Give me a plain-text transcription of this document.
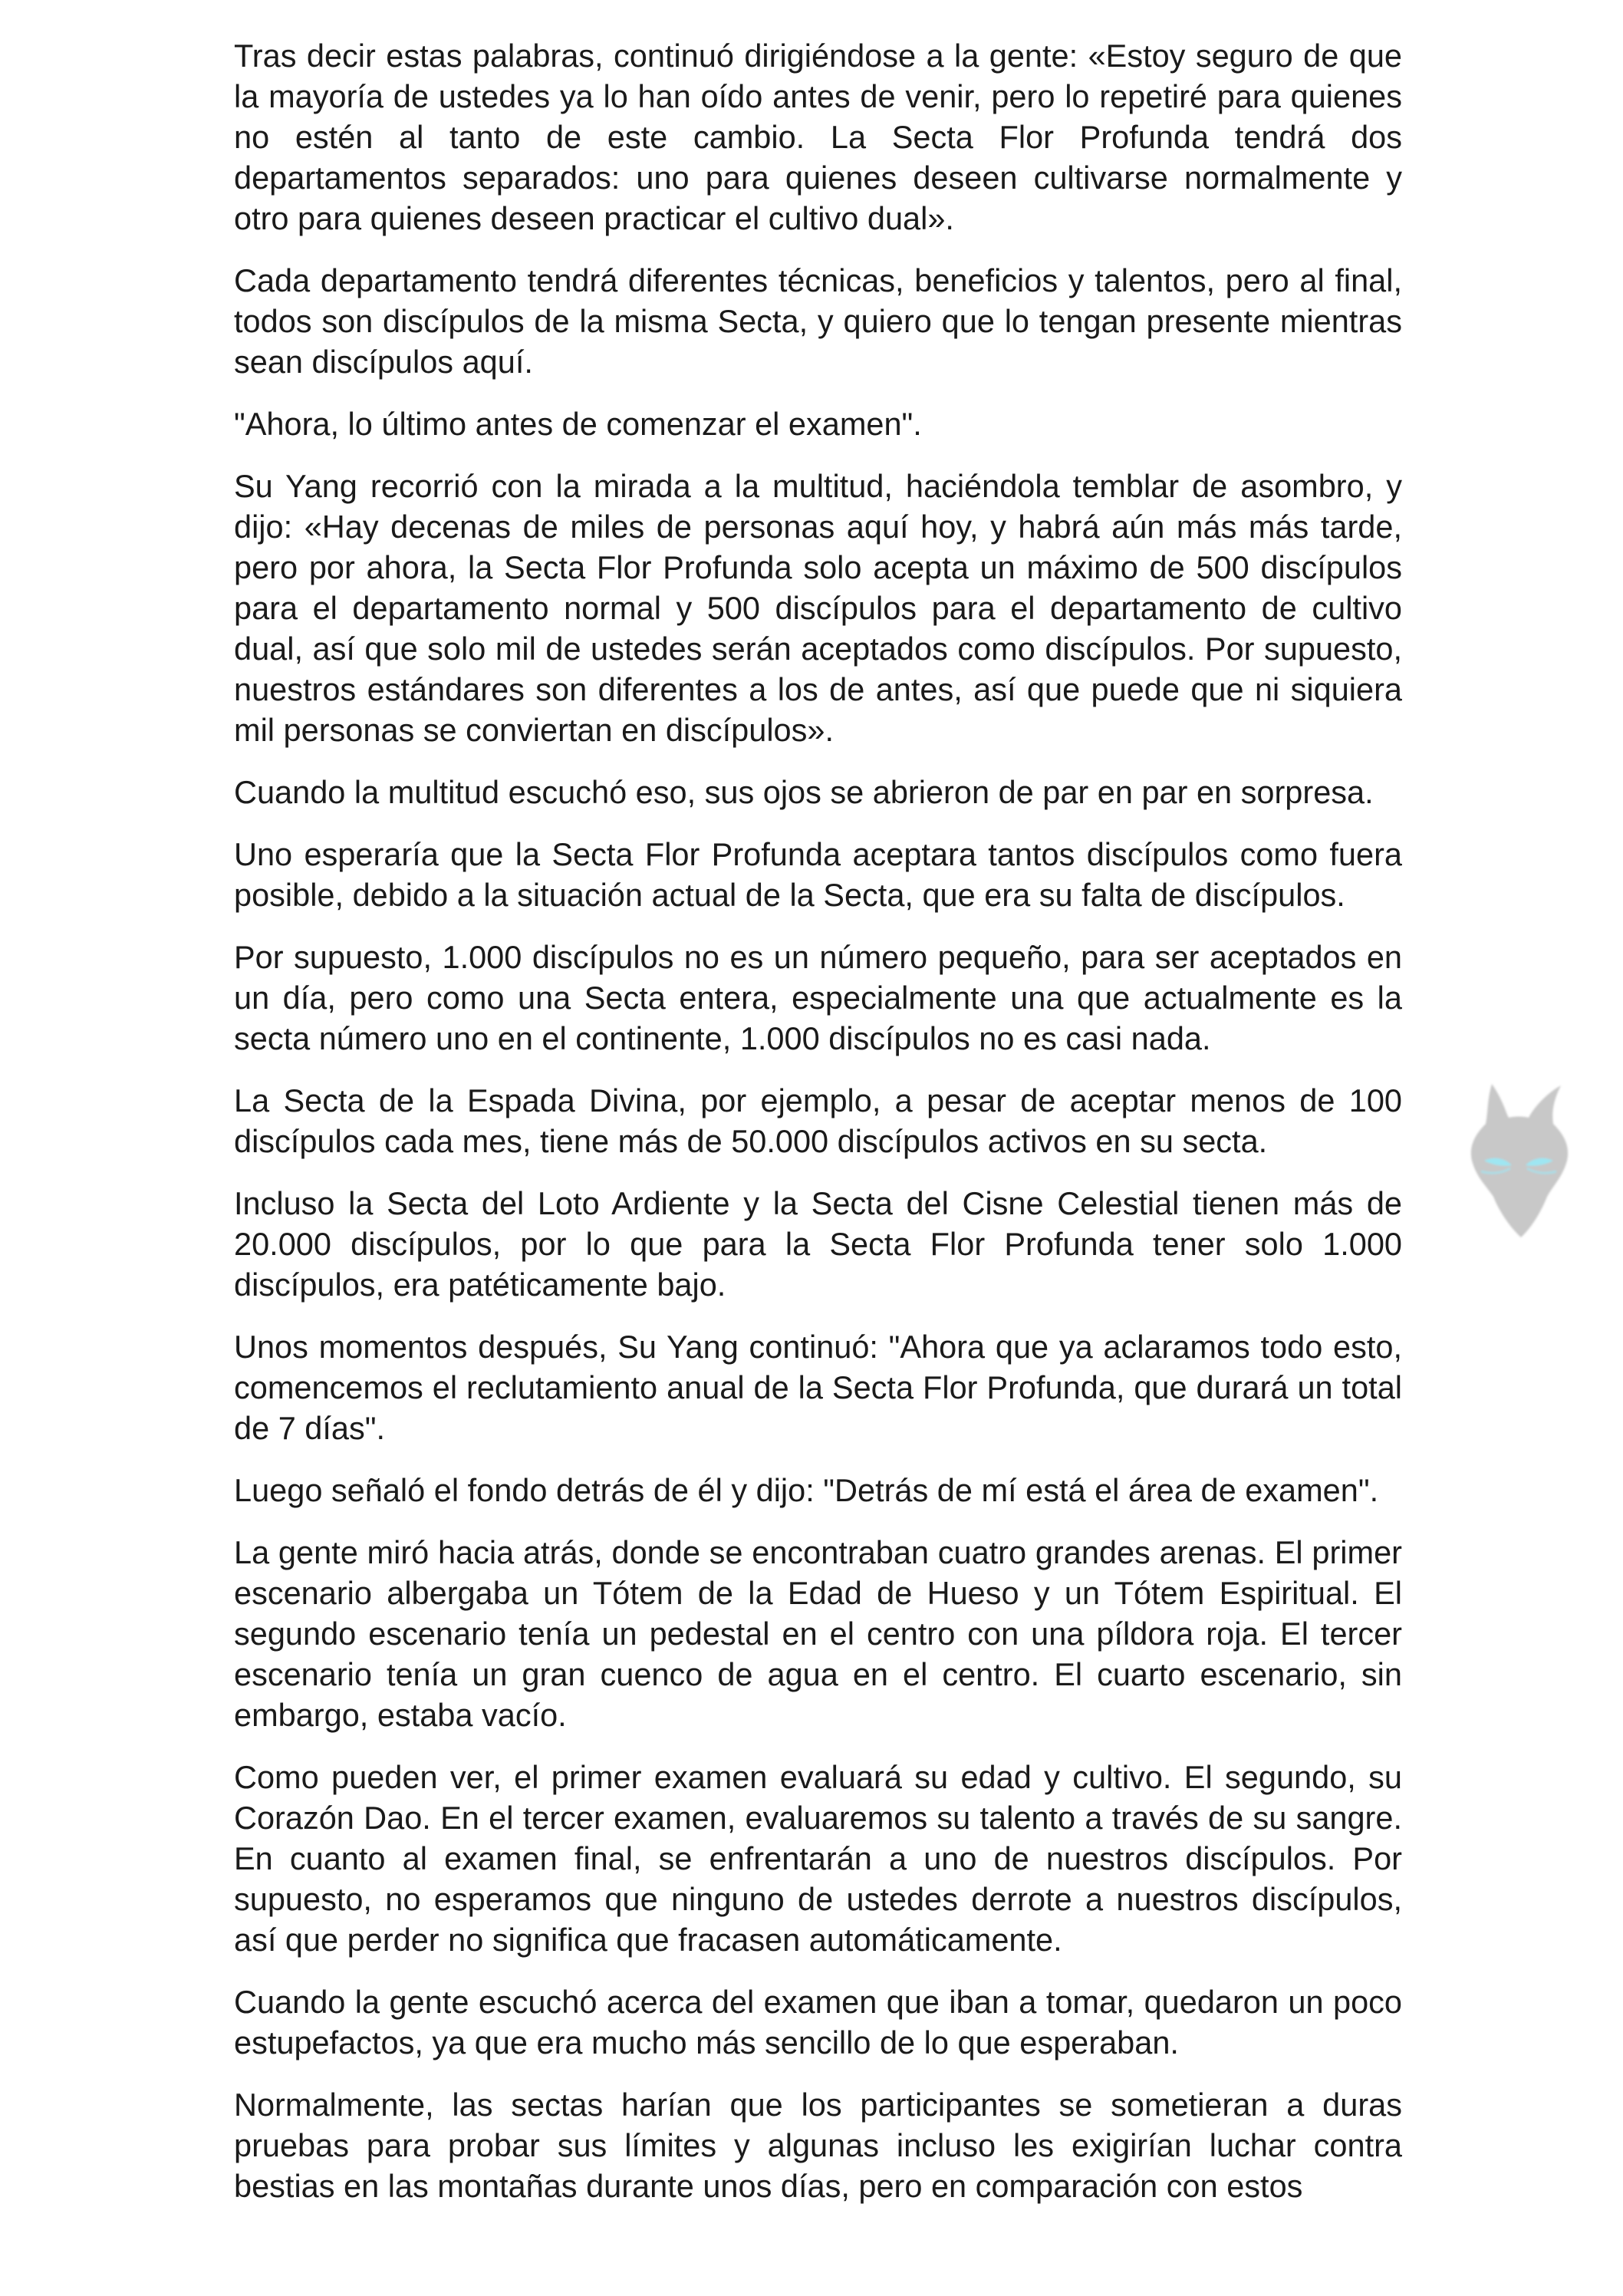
Tras decir estas palabras, continuó dirigiéndose a la gente: «Estoy seguro de que la mayoría de ustedes ya lo han oído antes de venir, pero lo repetiré para quienes no estén al tanto de este cambio. La Secta Flor Profunda tendrá dos departamentos separados: uno para quienes deseen cultivarse normalmente y otro para quienes deseen practicar el cultivo dual».

Cada departamento tendrá diferentes técnicas, beneficios y talentos, pero al final, todos son discípulos de la misma Secta, y quiero que lo tengan presente mientras sean discípulos aquí.

"Ahora, lo último antes de comenzar el examen".

Su Yang recorrió con la mirada a la multitud, haciéndola temblar de asombro, y dijo: «Hay decenas de miles de personas aquí hoy, y habrá aún más más tarde, pero por ahora, la Secta Flor Profunda solo acepta un máximo de 500 discípulos para el departamento normal y 500 discípulos para el departamento de cultivo dual, así que solo mil de ustedes serán aceptados como discípulos. Por supuesto, nuestros estándares son diferentes a los de antes, así que puede que ni siquiera mil personas se conviertan en discípulos».

Cuando la multitud escuchó eso, sus ojos se abrieron de par en par en sorpresa.

Uno esperaría que la Secta Flor Profunda aceptara tantos discípulos como fuera posible, debido a la situación actual de la Secta, que era su falta de discípulos.

Por supuesto, 1.000 discípulos no es un número pequeño, para ser aceptados en un día, pero como una Secta entera, especialmente una que actualmente es la secta número uno en el continente, 1.000 discípulos no es casi nada.

La Secta de la Espada Divina, por ejemplo, a pesar de aceptar menos de 100 discípulos cada mes, tiene más de 50.000 discípulos activos en su secta.

Incluso la Secta del Loto Ardiente y la Secta del Cisne Celestial tienen más de 20.000 discípulos, por lo que para la Secta Flor Profunda tener solo 1.000 discípulos, era patéticamente bajo.

Unos momentos después, Su Yang continuó: "Ahora que ya aclaramos todo esto, comencemos el reclutamiento anual de la Secta Flor Profunda, que durará un total de 7 días".

Luego señaló el fondo detrás de él y dijo: "Detrás de mí está el área de examen".

La gente miró hacia atrás, donde se encontraban cuatro grandes arenas. El primer escenario albergaba un Tótem de la Edad de Hueso y un Tótem Espiritual. El segundo escenario tenía un pedestal en el centro con una píldora roja. El tercer escenario tenía un gran cuenco de agua en el centro. El cuarto escenario, sin embargo, estaba vacío.

Como pueden ver, el primer examen evaluará su edad y cultivo. El segundo, su Corazón Dao. En el tercer examen, evaluaremos su talento a través de su sangre. En cuanto al examen final, se enfrentarán a uno de nuestros discípulos. Por supuesto, no esperamos que ninguno de ustedes derrote a nuestros discípulos, así que perder no significa que fracasen automáticamente.

Cuando la gente escuchó acerca del examen que iban a tomar, quedaron un poco estupefactos, ya que era mucho más sencillo de lo que esperaban.

Normalmente, las sectas harían que los participantes se sometieran a duras pruebas para probar sus límites y algunas incluso les exigirían luchar contra bestias en las montañas durante unos días, pero en comparación con estos
